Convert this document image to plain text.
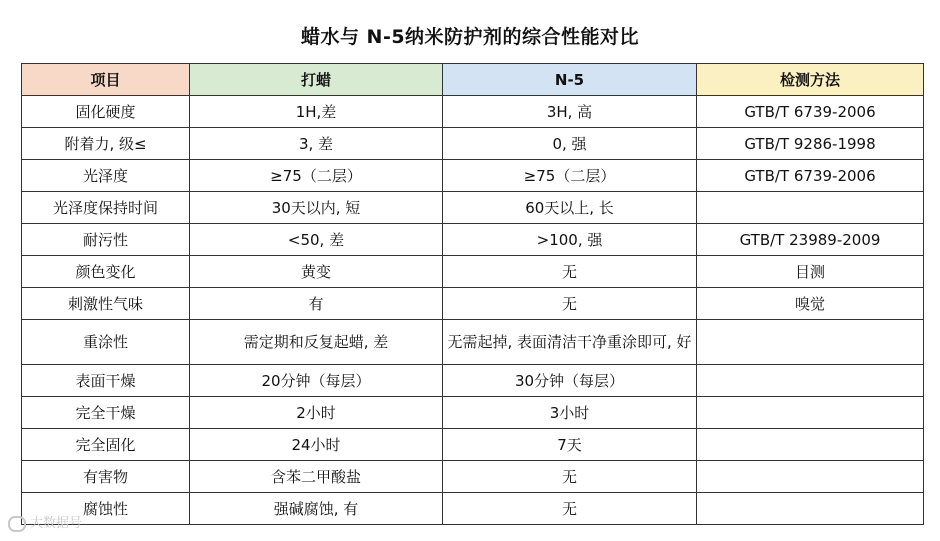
蜡水与 N-5纳米防护剂的综合性能对比
项目	打蜡	N-5	检测方法
固化硬度	1H,差	3H, 高	GTB/T 6739-2006
附着力, 级≤	3, 差	0, 强	GTB/T 9286-1998
光泽度	≥75（二层）	≥75（二层）	GTB/T 6739-2006
光泽度保持时间	30天以内, 短	60天以上, 长	
耐污性	<50, 差	>100, 强	GTB/T 23989-2009
颜色变化	黄变	无	目测
刺激性气味	有	无	嗅觉
重涂性	需定期和反复起蜡, 差	无需起掉, 表面清洁干净重涂即可, 好	
表面干燥	20分钟（每层）	30分钟（每层）	
完全干燥	2小时	3小时	
完全固化	24小时	7天	
有害物	含苯二甲酸盐	无	
腐蚀性	强碱腐蚀, 有	无	
大数据号
